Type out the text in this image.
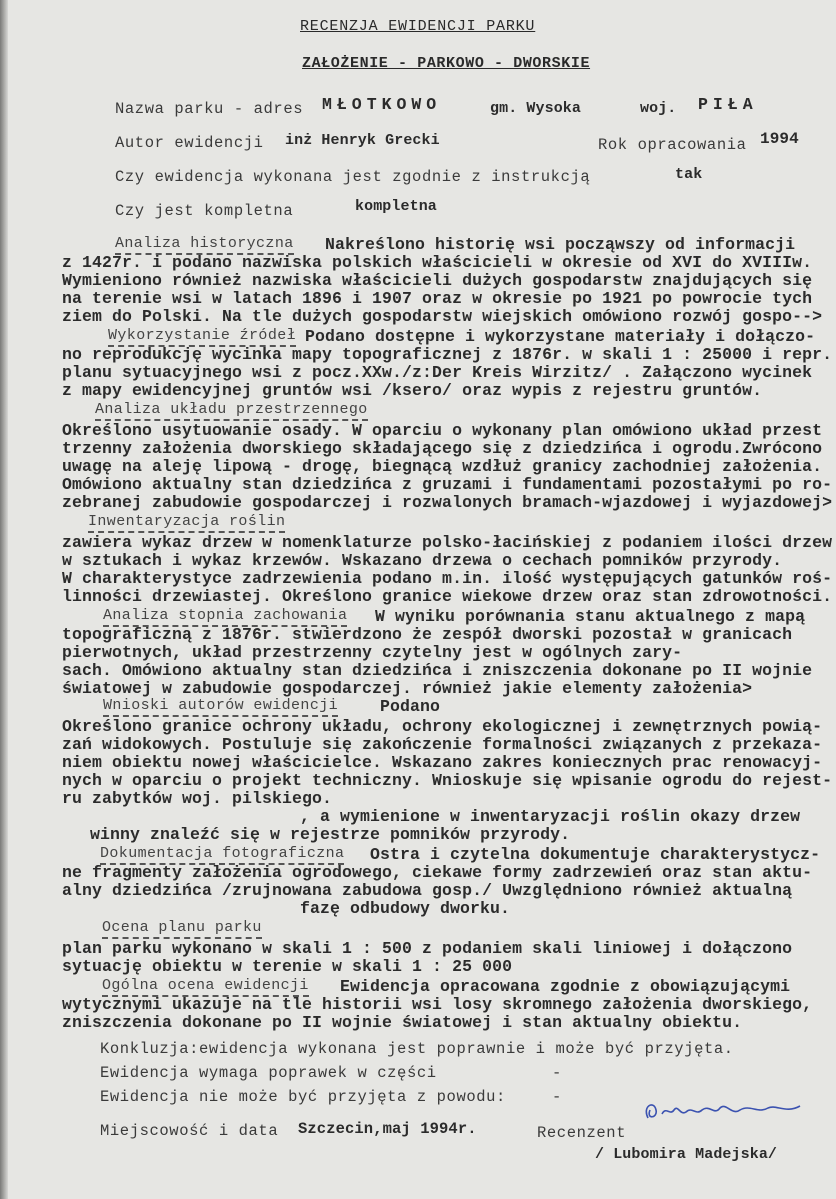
RECENZJA EWIDENCJI PARKU
ZAŁOŻENIE - PARKOWO - DWORSKIE
Nazwa parku - adres MŁOTKOWO	gm. Wysoka	woj. PIŁA
Autor ewidencji inż Henryk Grecki	Rok opracowania 1994
Czy ewidencja wykonana jest zgodnie z instrukcją	tak
Czy jest kompletna	kompletna
Analiza historyczna Nakreślono historię wsi począwszy od informacji
z 1427r. i podano nazwiska polskich właścicieli w okresie od XVI do XVIIIw.
Wymieniono również nazwiska właścicieli dużych gospodarstw znajdujących się
na terenie wsi w latach 1896 i 1907 oraz w okresie po 1921 po powrocie tych
ziem do Polski. Na tle dużych gospodarstw wiejskich omówiono rozwój gospo-->
Wykorzystanie źródeł Podano dostępne i wykorzystane materiały i dołączo-
no reprodukcję wycinka mapy topograficznej z 1876r. w skali 1 : 25000 i repr.
planu sytuacyjnego wsi z pocz.XXw./z:Der Kreis Wirzitz/ . Załączono wycinek
z mapy ewidencyjnej gruntów wsi /ksero/ oraz wypis z rejestru gruntów.
Analiza układu przestrzennego
Określono usytuowanie osady. W oparciu o wykonany plan omówiono układ przest
trzenny założenia dworskiego składającego się z dziedzińca i ogrodu.Zwrócono
uwagę na aleję lipową - drogę, biegnącą wzdłuż granicy zachodniej założenia.
Omówiono aktualny stan dziedzińca z gruzami i fundamentami pozostałymi po ro-
zebranej zabudowie gospodarczej i rozwalonych bramach-wjazdowej i wyjazdowej>
Inwentaryzacja roślin
zawiera wykaz drzew w nomenklaturze polsko-łacińskiej z podaniem ilości drzew
w sztukach i wykaz krzewów. Wskazano drzewa o cechach pomników przyrody.
W charakterystyce zadrzewienia podano m.in. ilość występujących gatunków roś-
linności drzewiastej. Określono granice wiekowe drzew oraz stan zdrowotności.
Analiza stopnia zachowania W wyniku porównania stanu aktualnego z mapą
topograficzną z 1876r. stwierdzono że zespół dworski pozostał w granicach
pierwotnych, układ przestrzenny czytelny jest w ogólnych zary-
sach. Omówiono aktualny stan dziedzińca i zniszczenia dokonane po II wojnie
światowej w zabudowie gospodarczej. również jakie elementy założenia>
Podano
Wnioski autorów ewidencji
Określono granice ochrony układu, ochrony ekologicznej i zewnętrznych powią-
zań widokowych. Postuluje się zakończenie formalności związanych z przekaza-
niem obiektu nowej właścicielce. Wskazano zakres koniecznych prac renowacyj-
nych w oparciu o projekt techniczny. Wnioskuje się wpisanie ogrodu do rejest-
ru zabytków woj. pilskiego.
, a wymienione w inwentaryzacji roślin okazy drzew
winny znaleźć się w rejestrze pomników przyrody.
Dokumentacja fotograficzna Ostra i czytelna dokumentuje charakterystycz-
ne fragmenty założenia ogrodowego, ciekawe formy zadrzewień oraz stan aktu-
alny dziedzińca /zrujnowana zabudowa gosp./ Uwzględniono również aktualną
fazę odbudowy dworku.
Ocena planu parku
plan parku wykonano w skali 1 : 500 z podaniem skali liniowej i dołączono
sytuację obiektu w terenie w skali 1 : 25 000
Ogólna ocena ewidencji Ewidencja opracowana zgodnie z obowiązującymi
wytycznymi ukazuje na tle historii wsi losy skromnego założenia dworskiego,
zniszczenia dokonane po II wojnie światowej i stan aktualny obiektu.
Konkluzja:ewidencja wykonana jest poprawnie i może być przyjęta.
Ewidencja wymaga poprawek w części	-
Ewidencja nie może być przyjęta z powodu:	-
Miejscowość i data Szczecin,maj 1994r.	Recenzent
/ Lubomira Madejska/
